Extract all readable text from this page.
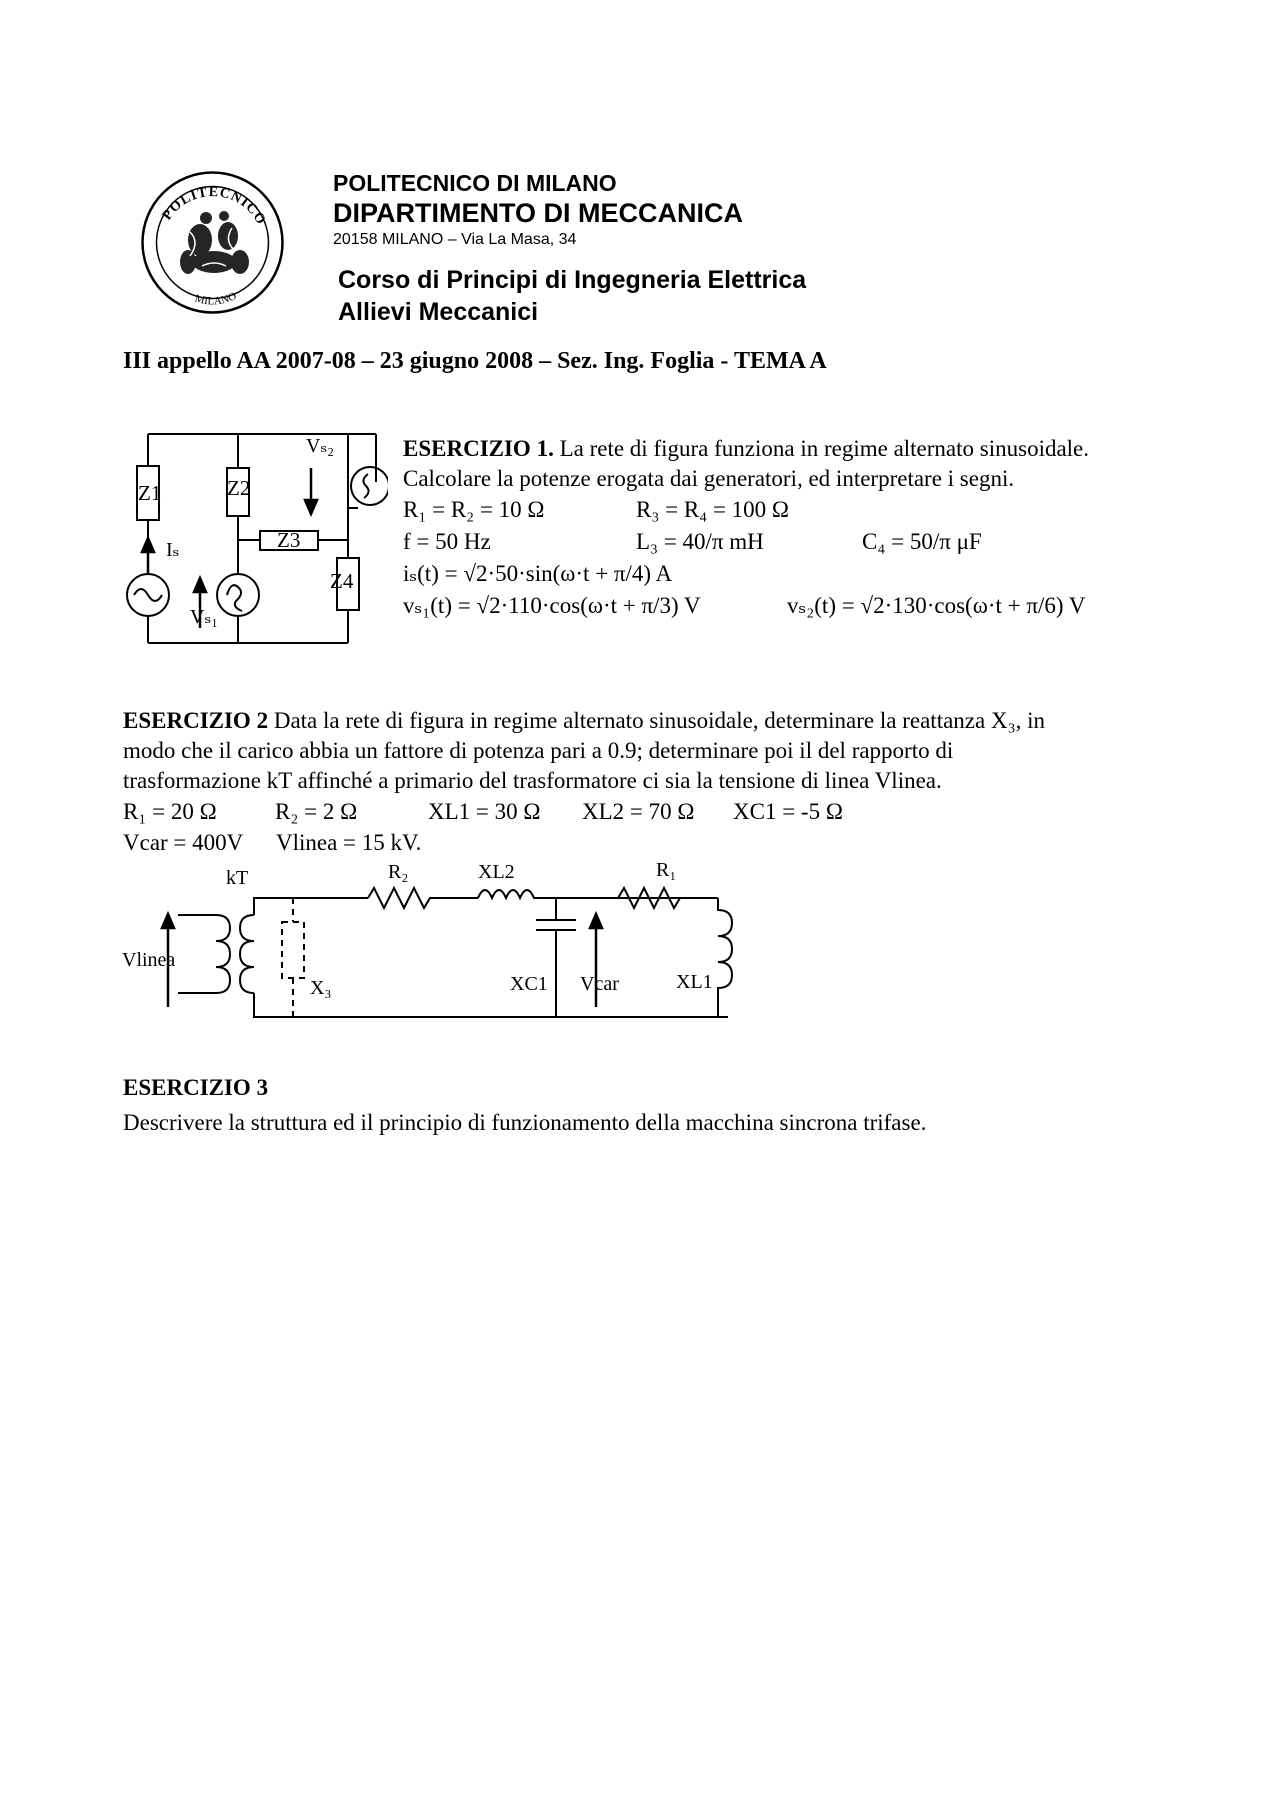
POLITECNICO
MILANO
POLITECNICO DI MILANO
DIPARTIMENTO DI MECCANICA
20158 MILANO – Via La Masa, 34
Corso di Principi di Ingegneria Elettrica
Allievi Meccanici
III appello AA 2007-08 – 23 giugno 2008 – Sez. Ing. Foglia - TEMA A
Z1	Z2
Z3
Z4
Iₛ
Vₛ₁
Vₛ₂	ESERCIZIO 1. La rete di figura funziona in regime alternato sinusoidale.
Calcolare la potenze erogata dai generatori, ed interpretare i segni.
R₁ = R₂ = 10 Ω	R₃ = R₄ = 100 Ω
f = 50 Hz	L₃ = 40/π mH	C₄ = 50/π μF
iₛ(t) = √2·50·sin(ω·t + π/4) A
vₛ₁(t) = √2·110·cos(ω·t + π/3) V	vₛ₂(t) = √2·130·cos(ω·t + π/6) V
ESERCIZIO 2 Data la rete di figura in regime alternato sinusoidale, determinare la reattanza X₃, in
modo che il carico abbia un fattore di potenza pari a 0.9; determinare poi il del rapporto di
trasformazione kT affinché a primario del trasformatore ci sia la tensione di linea Vlinea.
R₁ = 20 Ω	R₂ = 2 Ω	XL1 = 30 Ω XL2 = 70 Ω XC1 = -5 Ω
Vcar = 400V Vlinea = 15 kV.
kT	R₂	XL2	R₁
Vlinea
X₃	XC1 Vcar	XL1
ESERCIZIO 3
Descrivere la struttura ed il principio di funzionamento della macchina sincrona trifase.
